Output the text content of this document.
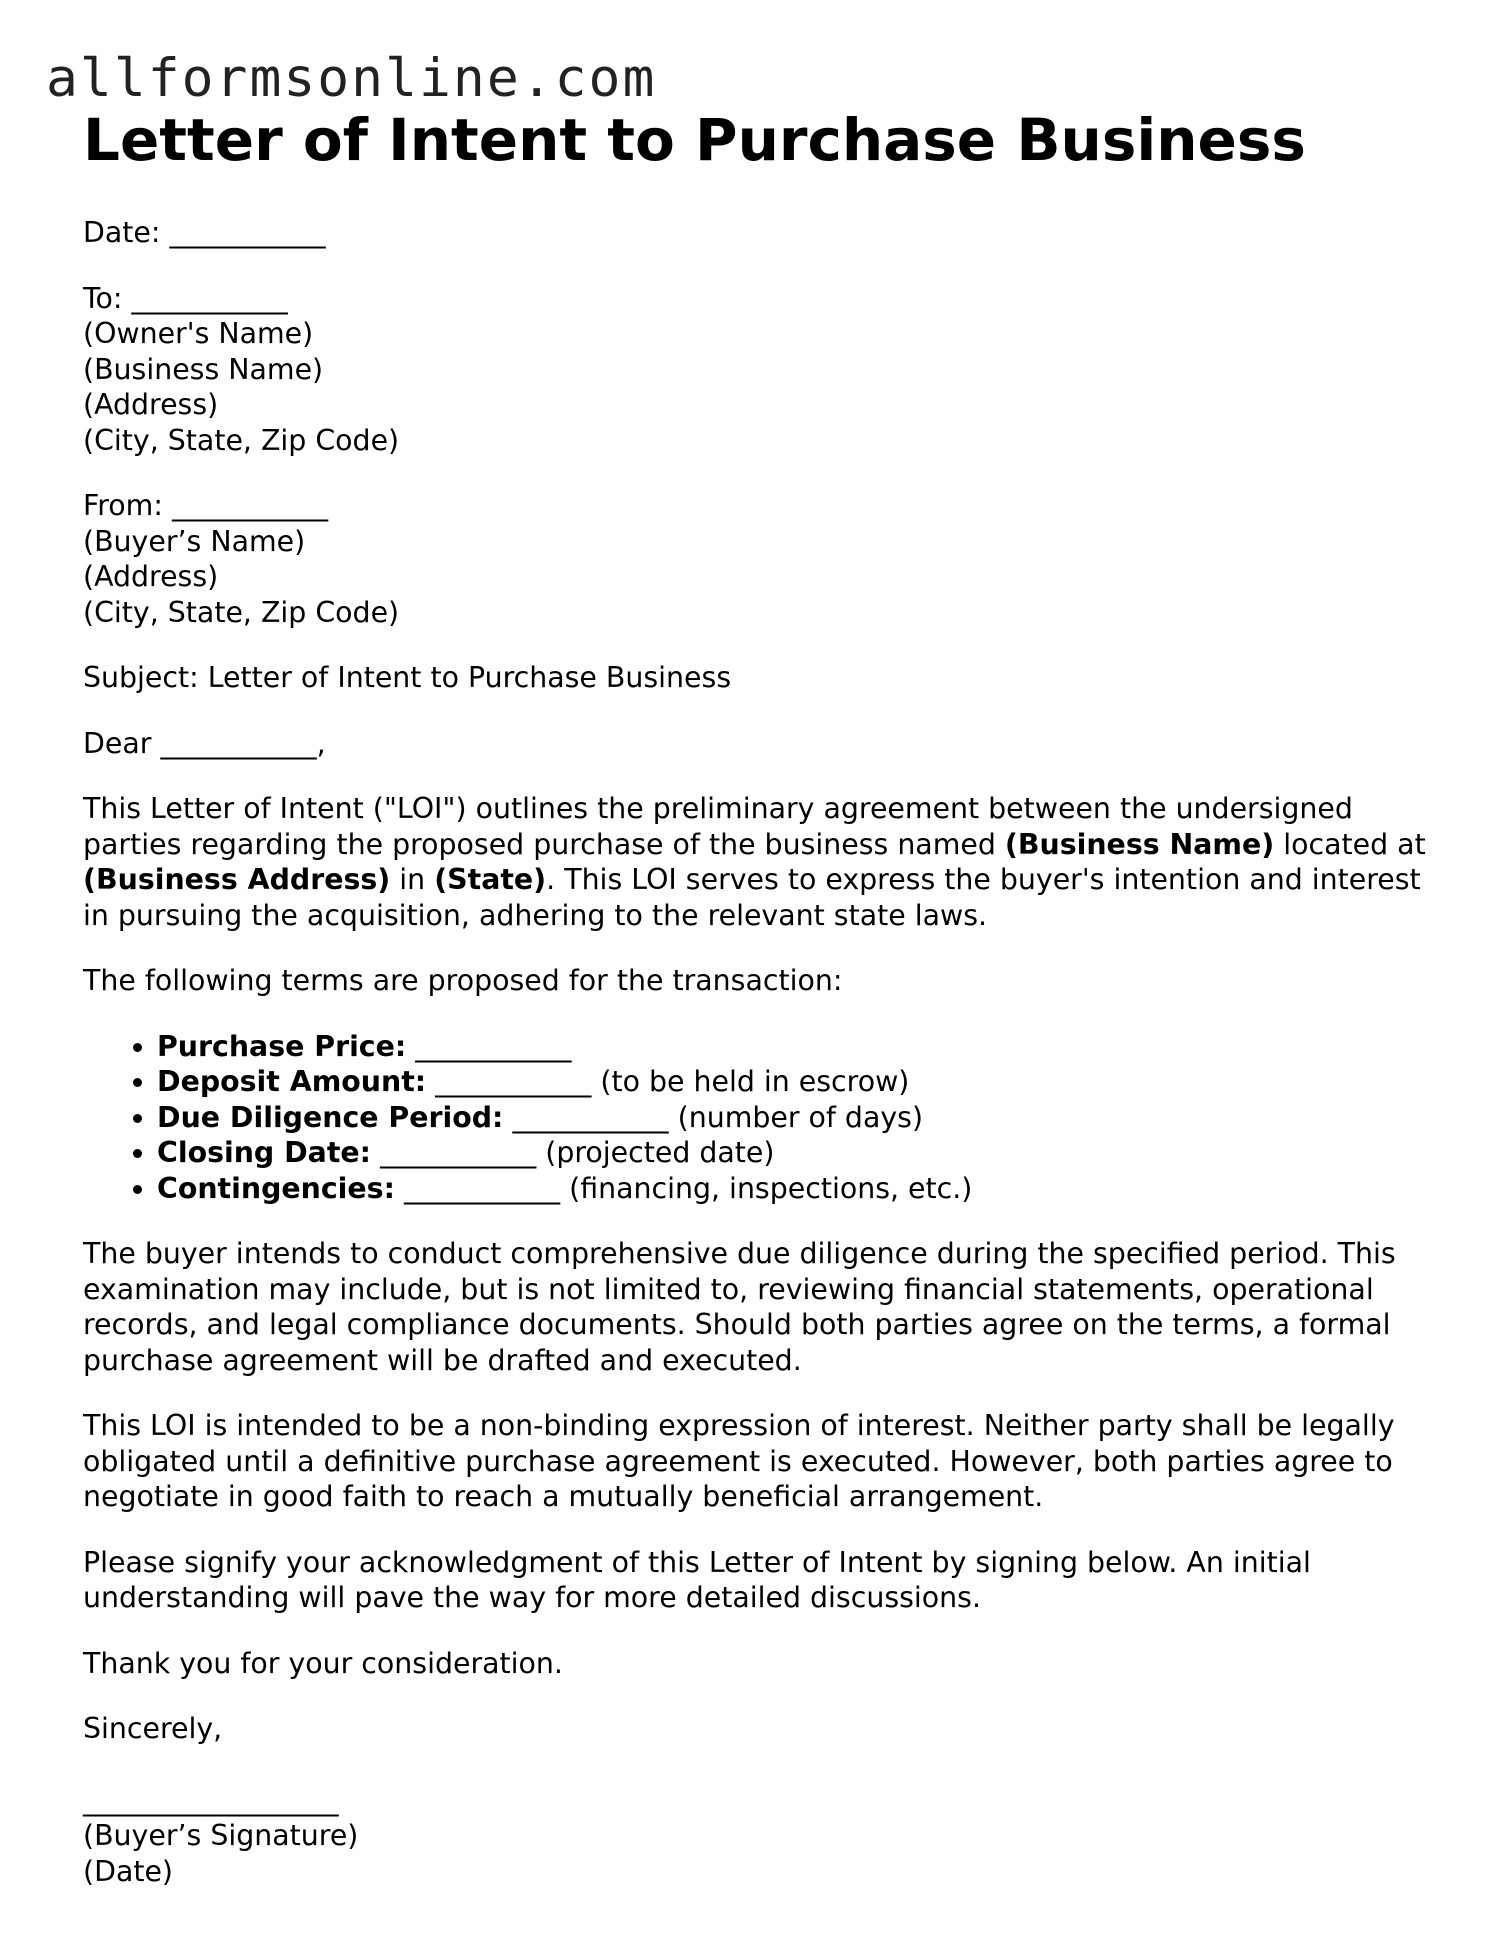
allformsonline.com
Letter of Intent to Purchase Business

Date: ___________

To: ___________
(Owner's Name)
(Business Name)
(Address)
(City, State, Zip Code)

From: ___________
(Buyer’s Name)
(Address)
(City, State, Zip Code)

Subject: Letter of Intent to Purchase Business

Dear ___________,

This Letter of Intent ("LOI") outlines the preliminary agreement between the undersigned parties regarding the proposed purchase of the business named (Business Name) located at (Business Address) in (State). This LOI serves to express the buyer's intention and interest in pursuing the acquisition, adhering to the relevant state laws.

The following terms are proposed for the transaction:

• Purchase Price: ___________
• Deposit Amount: ___________ (to be held in escrow)
• Due Diligence Period: ___________ (number of days)
• Closing Date: ___________ (projected date)
• Contingencies: ___________ (financing, inspections, etc.)

The buyer intends to conduct comprehensive due diligence during the specified period. This examination may include, but is not limited to, reviewing financial statements, operational records, and legal compliance documents. Should both parties agree on the terms, a formal purchase agreement will be drafted and executed.

This LOI is intended to be a non-binding expression of interest. Neither party shall be legally obligated until a definitive purchase agreement is executed. However, both parties agree to negotiate in good faith to reach a mutually beneficial arrangement.

Please signify your acknowledgment of this Letter of Intent by signing below. An initial understanding will pave the way for more detailed discussions.

Thank you for your consideration.

Sincerely,

__________________
(Buyer’s Signature)
(Date)
